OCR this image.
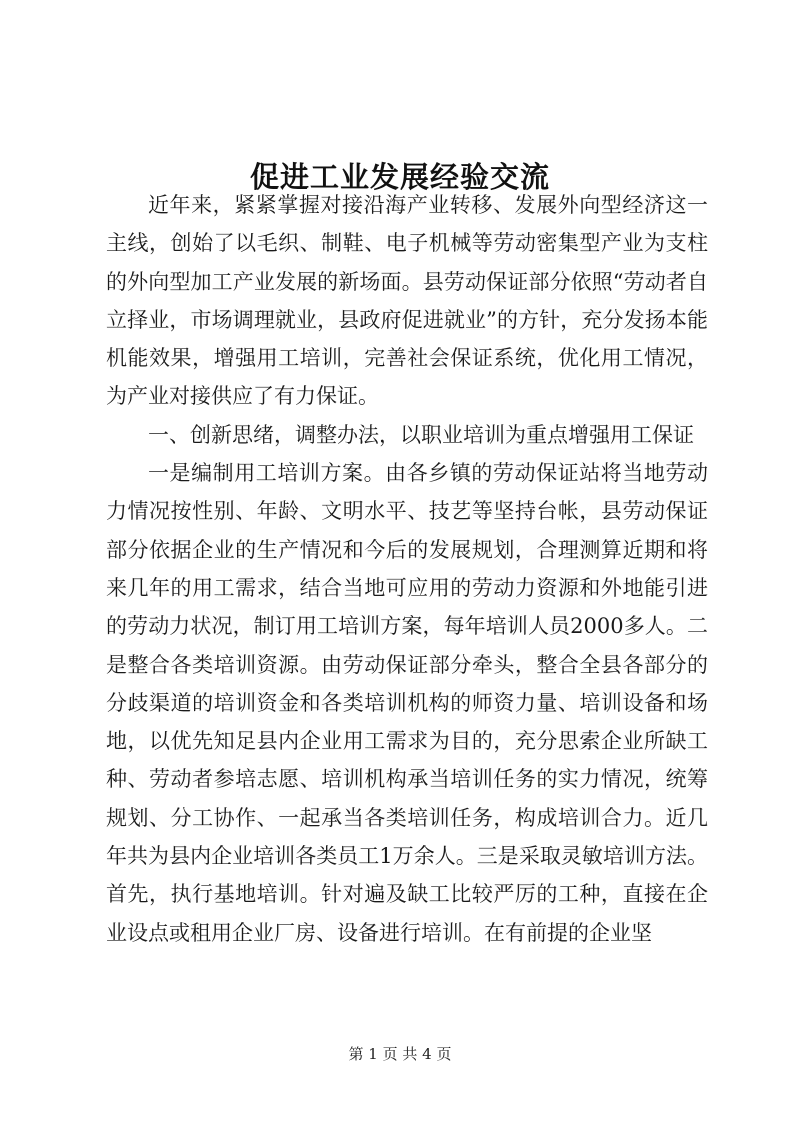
促进工业发展经验交流

近年来，紧紧掌握对接沿海产业转移、发展外向型经济这一主线，创始了以毛织、制鞋、电子机械等劳动密集型产业为支柱的外向型加工产业发展的新场面。县劳动保证部分依照“劳动者自立择业，市场调理就业，县政府促进就业”的方针，充分发扬本能机能效果，增强用工培训，完善社会保证系统，优化用工情况，为产业对接供应了有力保证。

一、创新思绪，调整办法，以职业培训为重点增强用工保证

一是编制用工培训方案。由各乡镇的劳动保证站将当地劳动力情况按性别、年龄、文明水平、技艺等坚持台帐，县劳动保证部分依据企业的生产情况和今后的发展规划，合理测算近期和将来几年的用工需求，结合当地可应用的劳动力资源和外地能引进的劳动力状况，制订用工培训方案，每年培训人员2000多人。二是整合各类培训资源。由劳动保证部分牵头，整合全县各部分的分歧渠道的培训资金和各类培训机构的师资力量、培训设备和场地，以优先知足县内企业用工需求为目的，充分思索企业所缺工种、劳动者参培志愿、培训机构承当培训任务的实力情况，统筹规划、分工协作、一起承当各类培训任务，构成培训合力。近几年共为县内企业培训各类员工1万余人。三是采取灵敏培训方法。首先，执行基地培训。针对遍及缺工比较严厉的工种，直接在企业设点或租用企业厂房、设备进行培训。在有前提的企业坚

第 1 页 共 4 页
